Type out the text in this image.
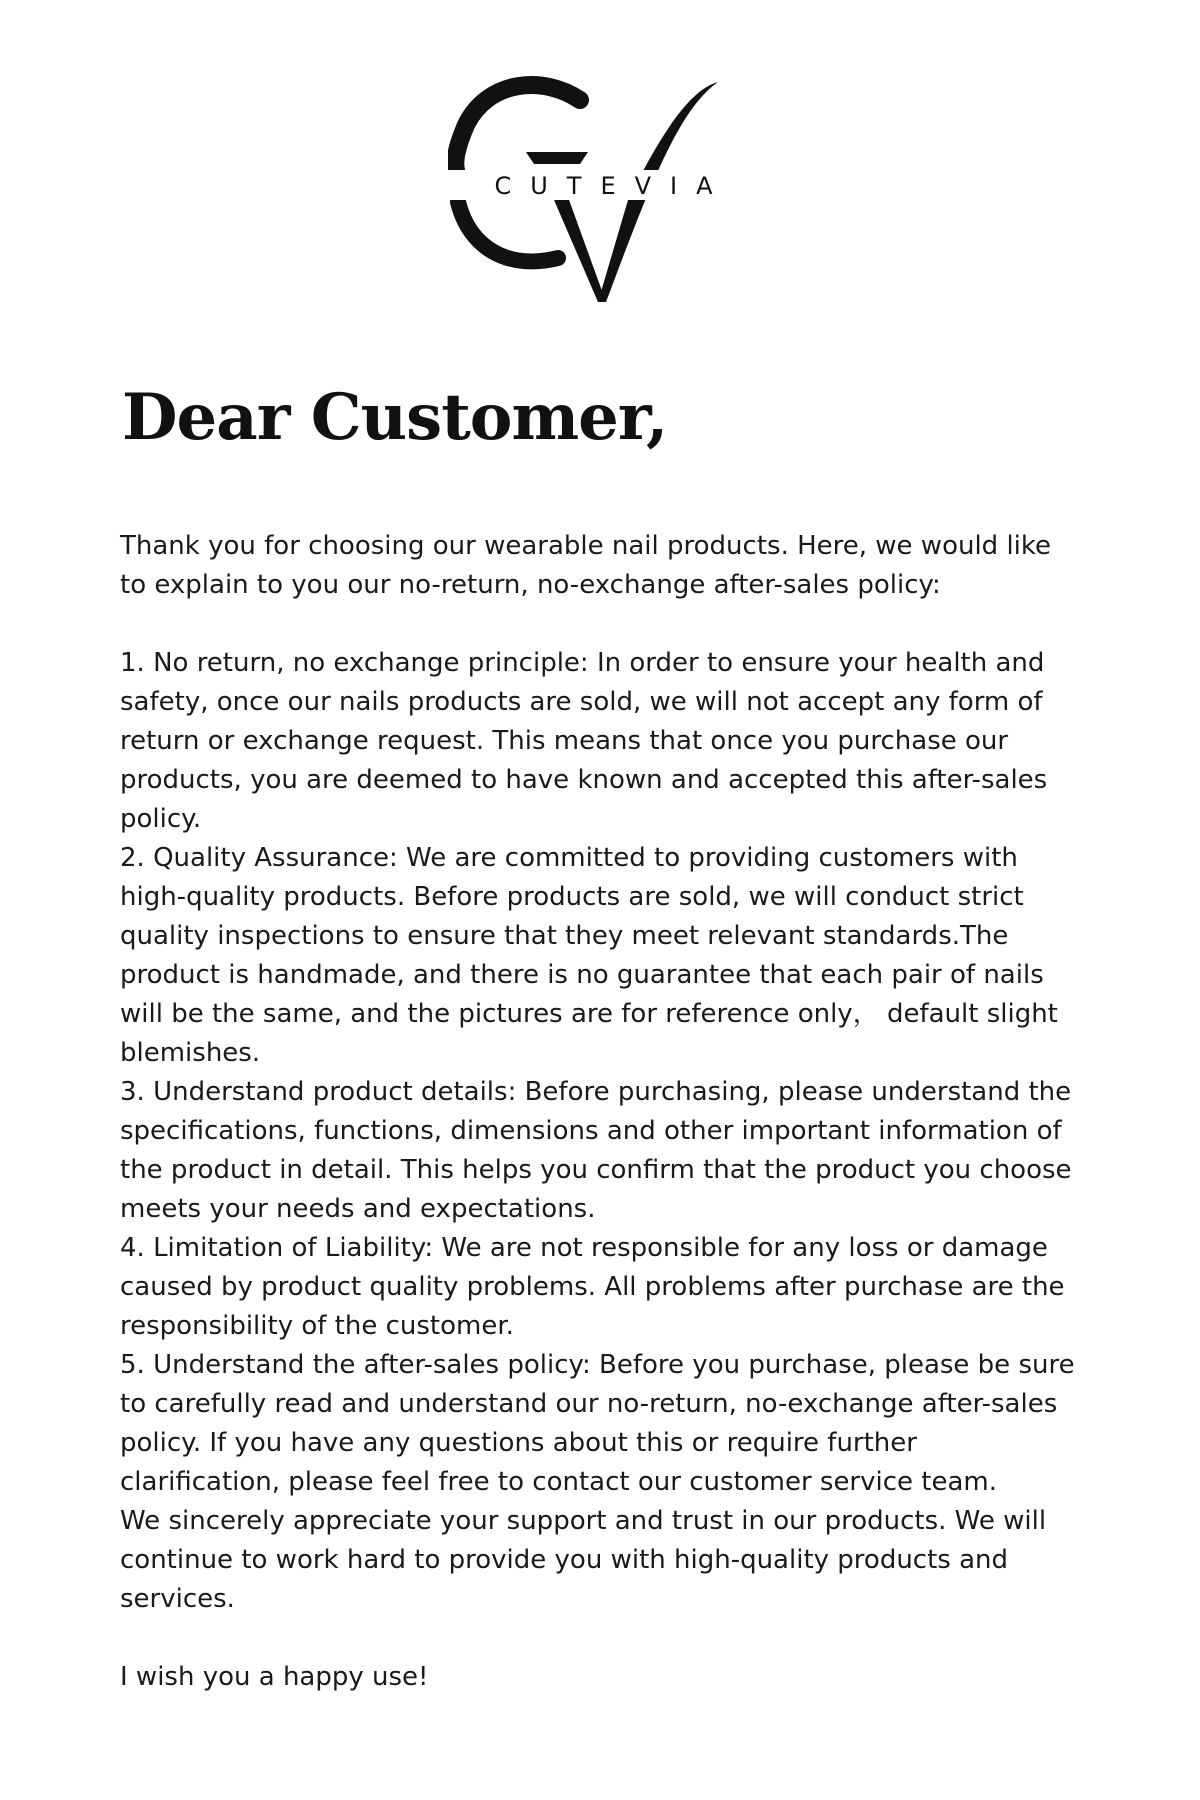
CUTEVIA
Dear Customer,

Thank you for choosing our wearable nail products. Here, we would like to explain to you our no-return, no-exchange after-sales policy:

1. No return, no exchange principle: In order to ensure your health and safety, once our nails products are sold, we will not accept any form of return or exchange request. This means that once you purchase our products, you are deemed to have known and accepted this after-sales policy.

2. Quality Assurance: We are committed to providing customers with high-quality products. Before products are sold, we will conduct strict quality inspections to ensure that they meet relevant standards.The product is handmade, and there is no guarantee that each pair of nails will be the same, and the pictures are for reference only， default slight blemishes.

3. Understand product details: Before purchasing, please understand the specifications, functions, dimensions and other important information of the product in detail. This helps you confirm that the product you choose meets your needs and expectations.

4. Limitation of Liability: We are not responsible for any loss or damage caused by product quality problems. All problems after purchase are the responsibility of the customer.

5. Understand the after-sales policy: Before you purchase, please be sure to carefully read and understand our no-return, no-exchange after-sales policy. If you have any questions about this or require further clarification, please feel free to contact our customer service team.

We sincerely appreciate your support and trust in our products. We will continue to work hard to provide you with high-quality products and services.

I wish you a happy use!
